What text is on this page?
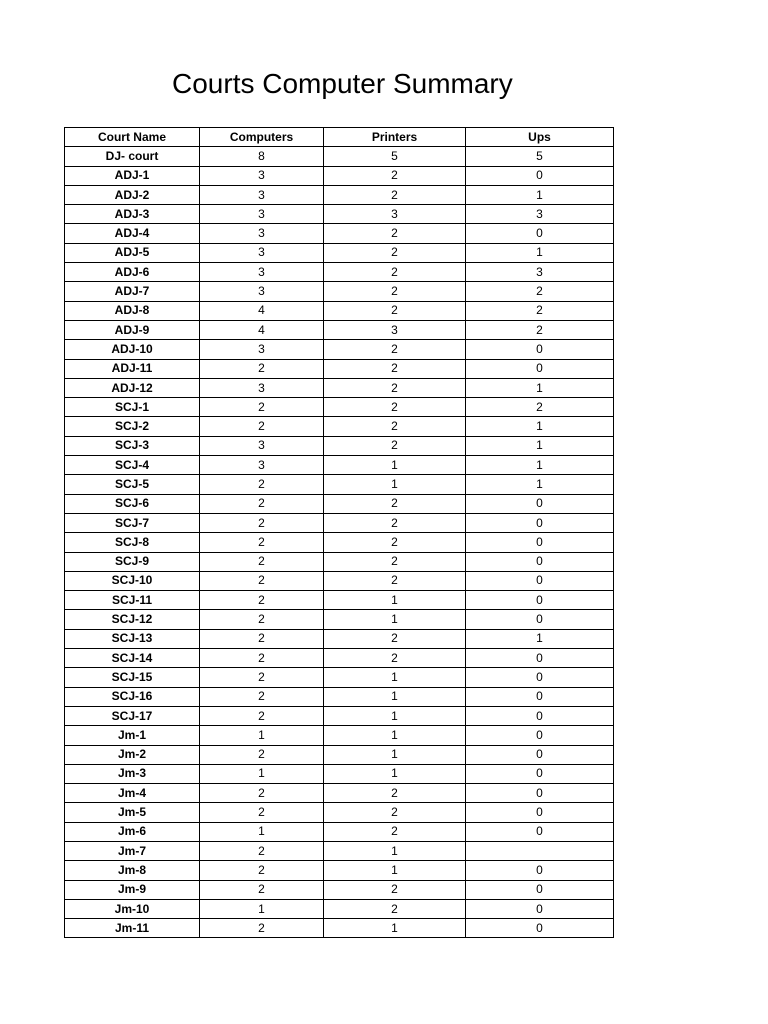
Courts Computer Summary
Court Name	Computers	Printers	Ups
DJ- court	8	5	5
ADJ-1	3	2	0
ADJ-2	3	2	1
ADJ-3	3	3	3
ADJ-4	3	2	0
ADJ-5	3	2	1
ADJ-6	3	2	3
ADJ-7	3	2	2
ADJ-8	4	2	2
ADJ-9	4	3	2
ADJ-10	3	2	0
ADJ-11	2	2	0
ADJ-12	3	2	1
SCJ-1	2	2	2
SCJ-2	2	2	1
SCJ-3	3	2	1
SCJ-4	3	1	1
SCJ-5	2	1	1
SCJ-6	2	2	0
SCJ-7	2	2	0
SCJ-8	2	2	0
SCJ-9	2	2	0
SCJ-10	2	2	0
SCJ-11	2	1	0
SCJ-12	2	1	0
SCJ-13	2	2	1
SCJ-14	2	2	0
SCJ-15	2	1	0
SCJ-16	2	1	0
SCJ-17	2	1	0
Jm-1	1	1	0
Jm-2	2	1	0
Jm-3	1	1	0
Jm-4	2	2	0
Jm-5	2	2	0
Jm-6	1	2	0
Jm-7	2	1	
Jm-8	2	1	0
Jm-9	2	2	0
Jm-10	1	2	0
Jm-11	2	1	0
